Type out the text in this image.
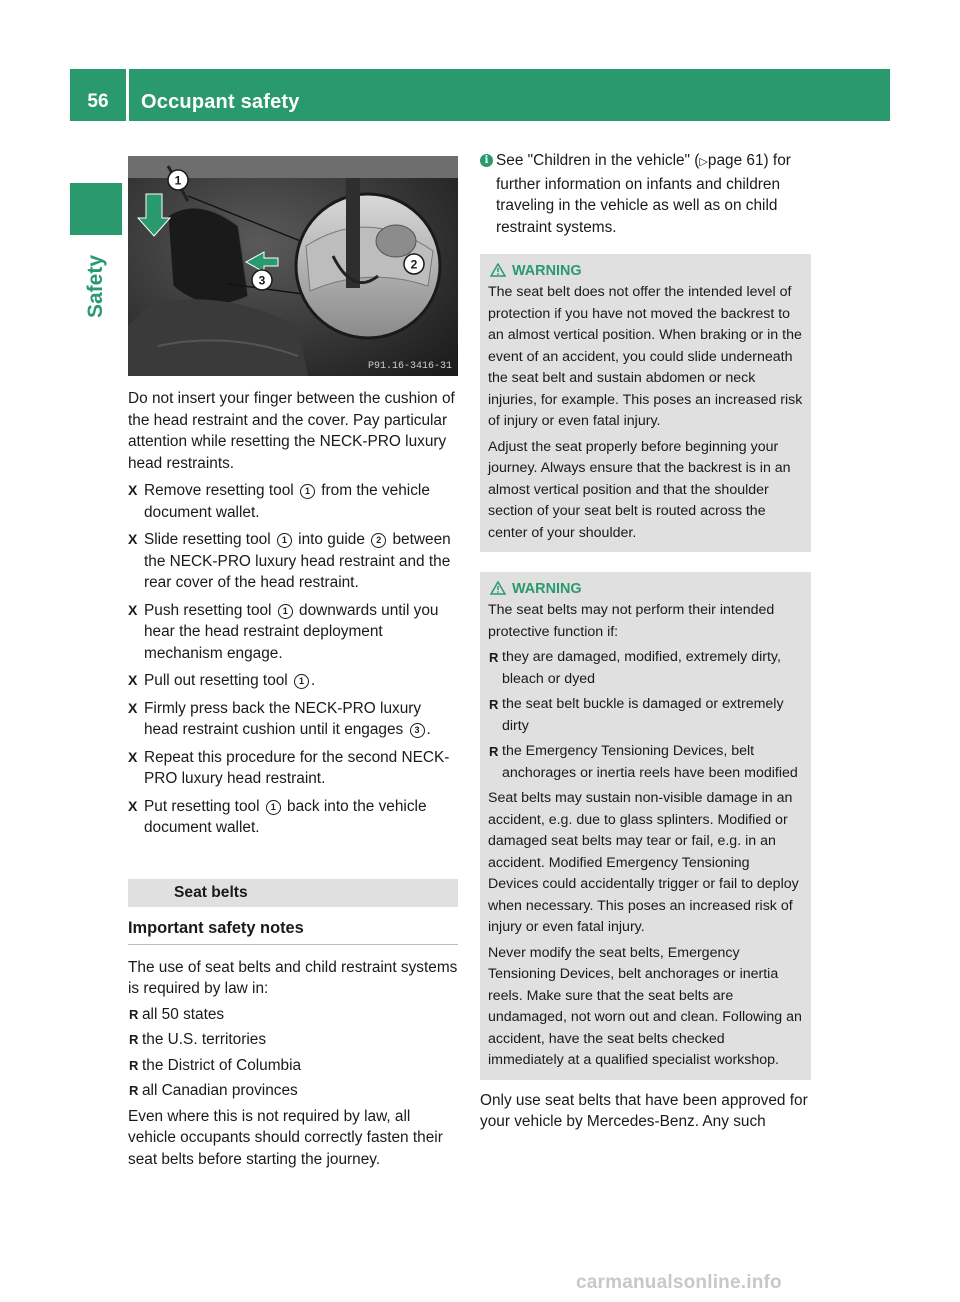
56	Occupant safety
Safety
1
2
3
P91.16-3416-31

Do not insert your finger between the cushion of the head restraint and the cover. Pay particular attention while resetting the NECK-PRO luxury head restraints.

X Remove resetting tool 1 from the vehicle document wallet.
X Slide resetting tool 1 into guide 2 between the NECK-PRO luxury head restraint and the rear cover of the head restraint.
X Push resetting tool 1 downwards until you hear the head restraint deployment mechanism engage.
X Pull out resetting tool 1 .
X Firmly press back the NECK-PRO luxury head restraint cushion until it engages 3 .
X Repeat this procedure for the second NECK-PRO luxury head restraint.
X Put resetting tool 1 back into the vehicle document wallet.
Seat belts
Important safety notes

The use of seat belts and child restraint systems is required by law in:

R all 50 states
R the U.S. territories
R the District of Columbia
R all Canadian provinces

Even where this is not required by law, all vehicle occupants should correctly fasten their seat belts before starting the journey.

i See "Children in the vehicle" (▷page 61) for further information on infants and children traveling in the vehicle as well as on child restraint systems.

WARNING

The seat belt does not offer the intended level of protection if you have not moved the backrest to an almost vertical position. When braking or in the event of an accident, you could slide underneath the seat belt and sustain abdomen or neck injuries, for example. This poses an increased risk of injury or even fatal injury.

Adjust the seat properly before beginning your journey. Always ensure that the backrest is in an almost vertical position and that the shoulder section of your seat belt is routed across the center of your shoulder.

WARNING

The seat belts may not perform their intended protective function if:

R they are damaged, modified, extremely dirty, bleach or dyed
R the seat belt buckle is damaged or extremely dirty
R the Emergency Tensioning Devices, belt anchorages or inertia reels have been modified

Seat belts may sustain non-visible damage in an accident, e.g. due to glass splinters. Modified or damaged seat belts may tear or fail, e.g. in an accident. Modified Emergency Tensioning Devices could accidentally trigger or fail to deploy when necessary. This poses an increased risk of injury or even fatal injury.

Never modify the seat belts, Emergency Tensioning Devices, belt anchorages or inertia reels. Make sure that the seat belts are undamaged, not worn out and clean. Following an accident, have the seat belts checked immediately at a qualified specialist workshop.

Only use seat belts that have been approved for your vehicle by Mercedes-Benz. Any such

carmanualsonline.info
